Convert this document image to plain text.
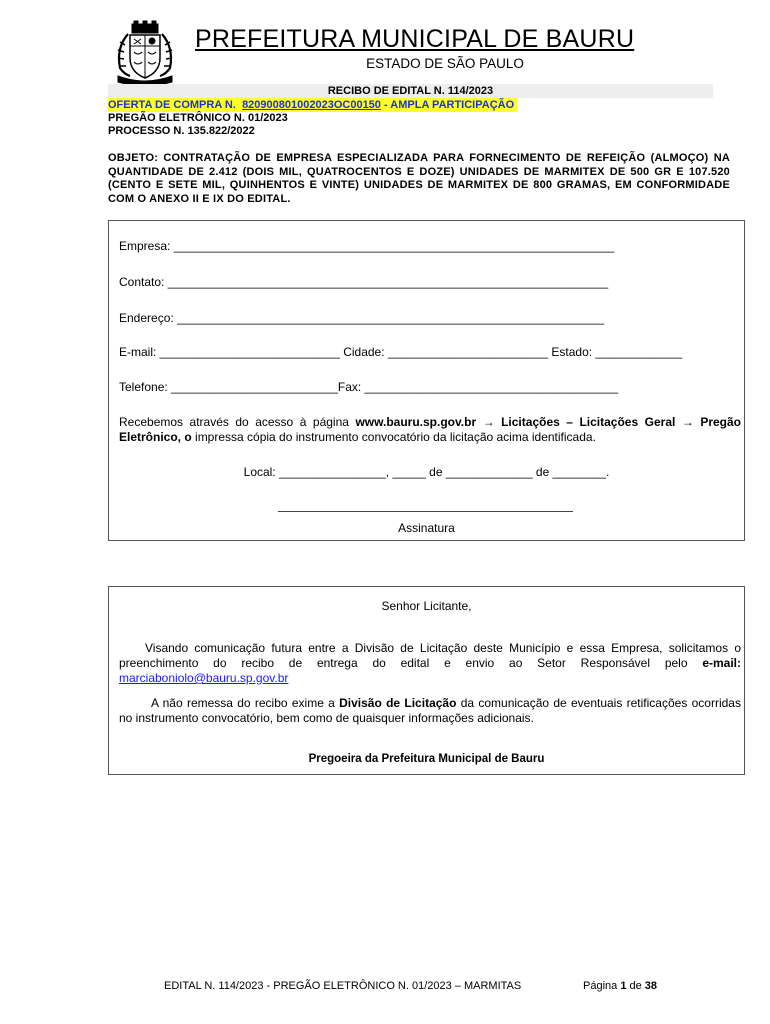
PREFEITURA MUNICIPAL DE BAURU
ESTADO DE SÃO PAULO
RECIBO DE EDITAL N. 114/2023
OFERTA DE COMPRA N. 820900801002023OC00150 - AMPLA PARTICIPAÇÃO
PREGÃO ELETRÔNICO N. 01/2023
PROCESSO N. 135.822/2022
OBJETO: CONTRATAÇÃO DE EMPRESA ESPECIALIZADA PARA FORNECIMENTO DE REFEIÇÃO (ALMOÇO) NA QUANTIDADE DE 2.412 (DOIS MIL, QUATROCENTOS E DOZE) UNIDADES DE MARMITEX DE 500 GR E 107.520 (CENTO E SETE MIL, QUINHENTOS E VINTE) UNIDADES DE MARMITEX DE 800 GRAMAS, EM CONFORMIDADE COM O ANEXO II E IX DO EDITAL.
Empresa: __________________________________________________________________
Contato: __________________________________________________________________
Endereço: ________________________________________________________________
E-mail: ___________________________ Cidade: ________________________ Estado: _____________
Telefone: _________________________Fax: ______________________________________
Recebemos através do acesso à página www.bauru.sp.gov.br → Licitações – Licitações Geral → Pregão Eletrônico, o impressa cópia do instrumento convocatório da licitação acima identificada.
Local: ________________, _____ de _____________ de ________.
Assinatura
Senhor Licitante,
Visando comunicação futura entre a Divisão de Licitação deste Município e essa Empresa, solicitamos o preenchimento do recibo de entrega do edital e envio ao Setor Responsável pelo e-mail: marciaboniolo@bauru.sp.gov.br
A não remessa do recibo exime a Divisão de Licitação da comunicação de eventuais retificações ocorridas no instrumento convocatório, bem como de quaisquer informações adicionais.
Pregoeira da Prefeitura Municipal de Bauru
EDITAL N. 114/2023 - PREGÃO ELETRÔNICO N. 01/2023 – MARMITAS	Página 1 de 38
